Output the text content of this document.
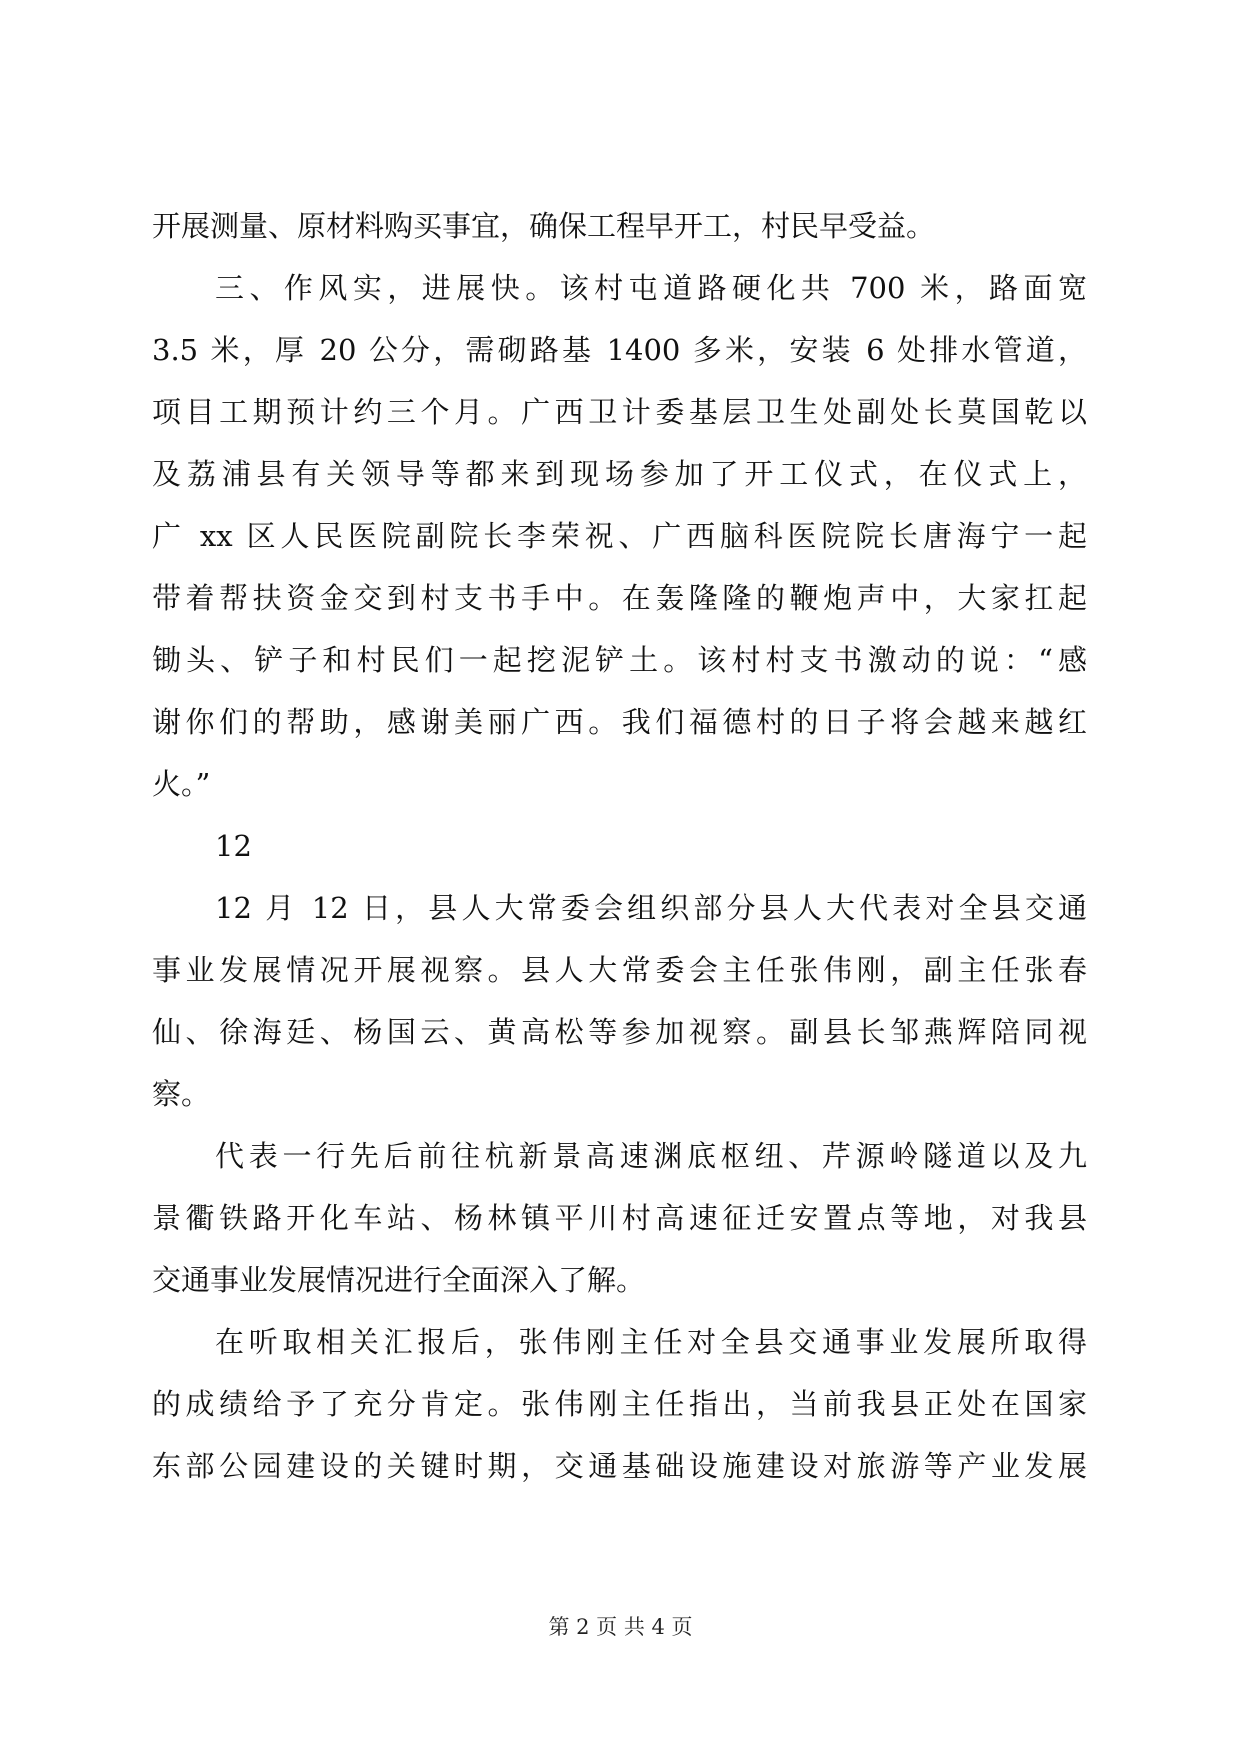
开展测量、原材料购买事宜，确保工程早开工，村民早受益。
三、作风实，进展快。该村屯道路硬化共 700 米，路面宽
3.5 米，厚 20 公分，需砌路基 1400 多米，安装 6 处排水管道，
项目工期预计约三个月。广西卫计委基层卫生处副处长莫国乾以
及荔浦县有关领导等都来到现场参加了开工仪式，在仪式上，
广 xx 区人民医院副院长李荣祝、广西脑科医院院长唐海宁一起
带着帮扶资金交到村支书手中。在轰隆隆的鞭炮声中，大家扛起
锄头、铲子和村民们一起挖泥铲土。该村村支书激动的说：“感
谢你们的帮助，感谢美丽广西。我们福德村的日子将会越来越红
火。”
12
12 月 12 日，县人大常委会组织部分县人大代表对全县交通
事业发展情况开展视察。县人大常委会主任张伟刚，副主任张春
仙、徐海廷、杨国云、黄高松等参加视察。副县长邹燕辉陪同视
察。
代表一行先后前往杭新景高速渊底枢纽、芹源岭隧道以及九
景衢铁路开化车站、杨林镇平川村高速征迁安置点等地，对我县
交通事业发展情况进行全面深入了解。
在听取相关汇报后，张伟刚主任对全县交通事业发展所取得
的成绩给予了充分肯定。张伟刚主任指出，当前我县正处在国家
东部公园建设的关键时期，交通基础设施建设对旅游等产业发展
第 2 页 共 4 页
